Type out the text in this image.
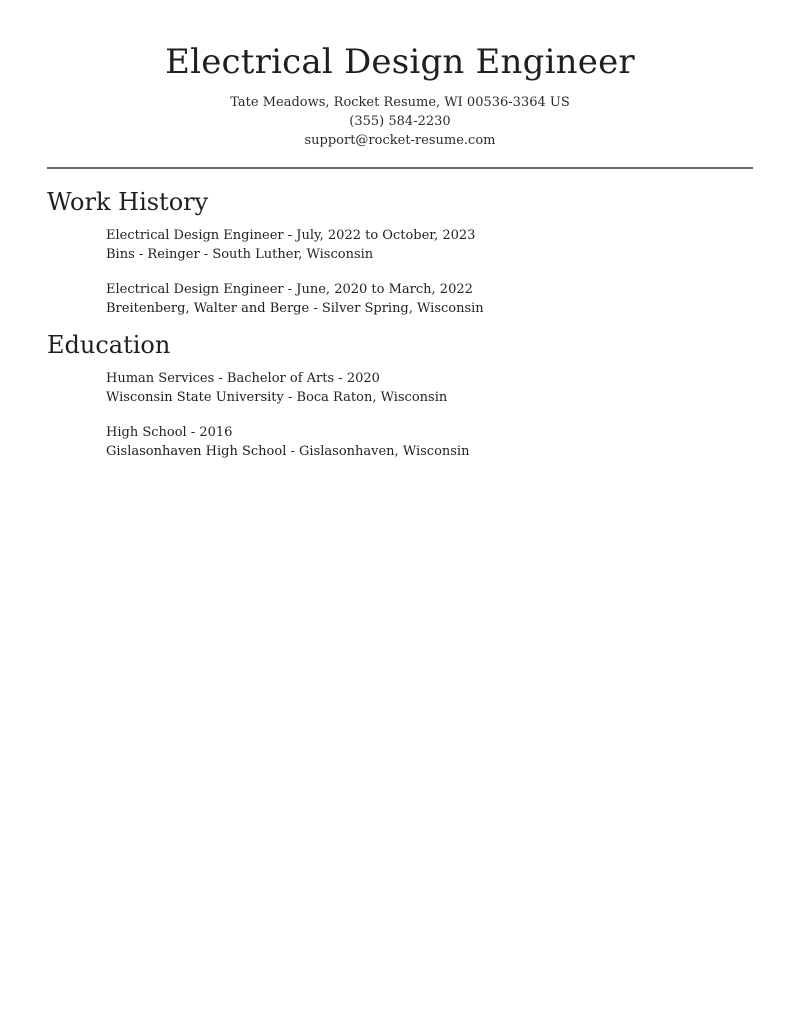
Electrical Design Engineer
Tate Meadows, Rocket Resume, WI 00536-3364 US
(355) 584-2230
support@rocket-resume.com
Work History
Electrical Design Engineer - July, 2022 to October, 2023
Bins - Reinger - South Luther, Wisconsin
Electrical Design Engineer - June, 2020 to March, 2022
Breitenberg, Walter and Berge - Silver Spring, Wisconsin
Education
Human Services - Bachelor of Arts - 2020
Wisconsin State University - Boca Raton, Wisconsin
High School - 2016
Gislasonhaven High School - Gislasonhaven, Wisconsin
